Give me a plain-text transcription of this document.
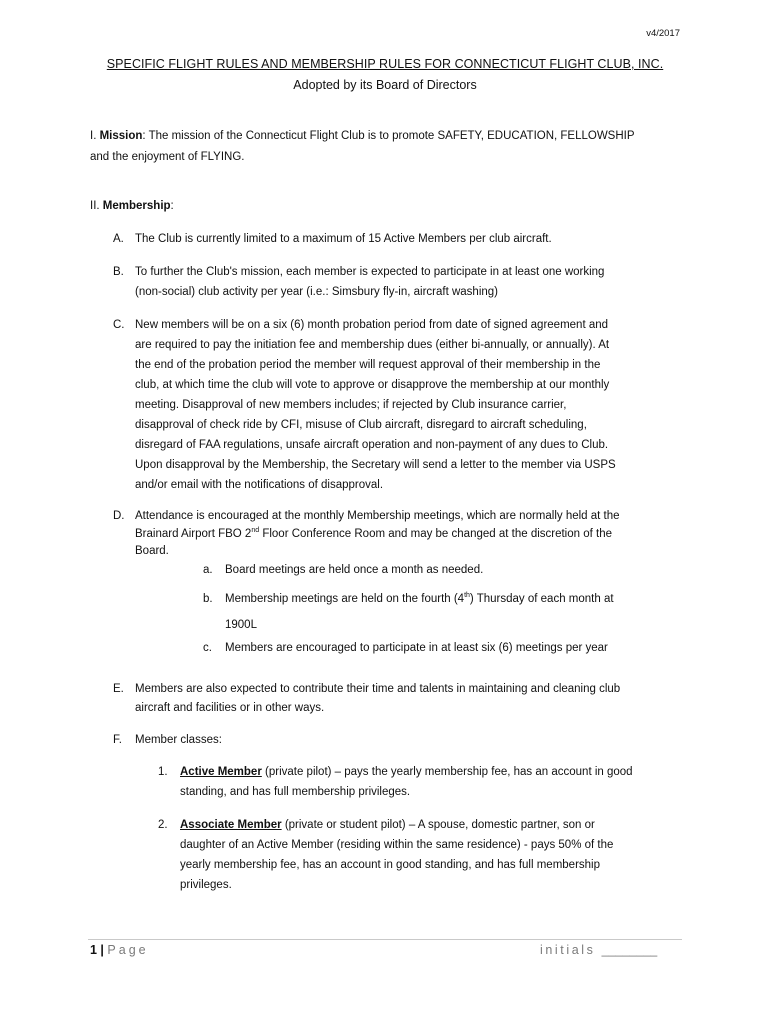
v4/2017
SPECIFIC FLIGHT RULES AND MEMBERSHIP RULES FOR CONNECTICUT FLIGHT CLUB, INC.
Adopted by its Board of Directors
I. Mission: The mission of the Connecticut Flight Club is to promote SAFETY, EDUCATION, FELLOWSHIP
and the enjoyment of FLYING.
II. Membership:
A. The Club is currently limited to a maximum of 15 Active Members per club aircraft.
B. To further the Club's mission, each member is expected to participate in at least one working
(non-social) club activity per year (i.e.: Simsbury fly-in, aircraft washing)
C. New members will be on a six (6) month probation period from date of signed agreement and
are required to pay the initiation fee and membership dues (either bi-annually, or annually). At
the end of the probation period the member will request approval of their membership in the
club, at which time the club will vote to approve or disapprove the membership at our monthly
meeting. Disapproval of new members includes; if rejected by Club insurance carrier,
disapproval of check ride by CFI, misuse of Club aircraft, disregard to aircraft scheduling,
disregard of FAA regulations, unsafe aircraft operation and non-payment of any dues to Club.
Upon disapproval by the Membership, the Secretary will send a letter to the member via USPS
and/or email with the notifications of disapproval.
D. Attendance is encouraged at the monthly Membership meetings, which are normally held at the
Brainard Airport FBO 2nd Floor Conference Room and may be changed at the discretion of the
Board.
a.	Board meetings are held once a month as needed.
b.	Membership meetings are held on the fourth (4th) Thursday of each month at
1900L
c.	Members are encouraged to participate in at least six (6) meetings per year
E. Members are also expected to contribute their time and talents in maintaining and cleaning club
aircraft and facilities or in other ways.
F.	Member classes:
1.	Active Member (private pilot) – pays the yearly membership fee, has an account in good
standing, and has full membership privileges.
2.	Associate Member (private or student pilot) – A spouse, domestic partner, son or
daughter of an Active Member (residing within the same residence) - pays 50% of the
yearly membership fee, has an account in good standing, and has full membership
privileges.
1 | Page	initials ________
